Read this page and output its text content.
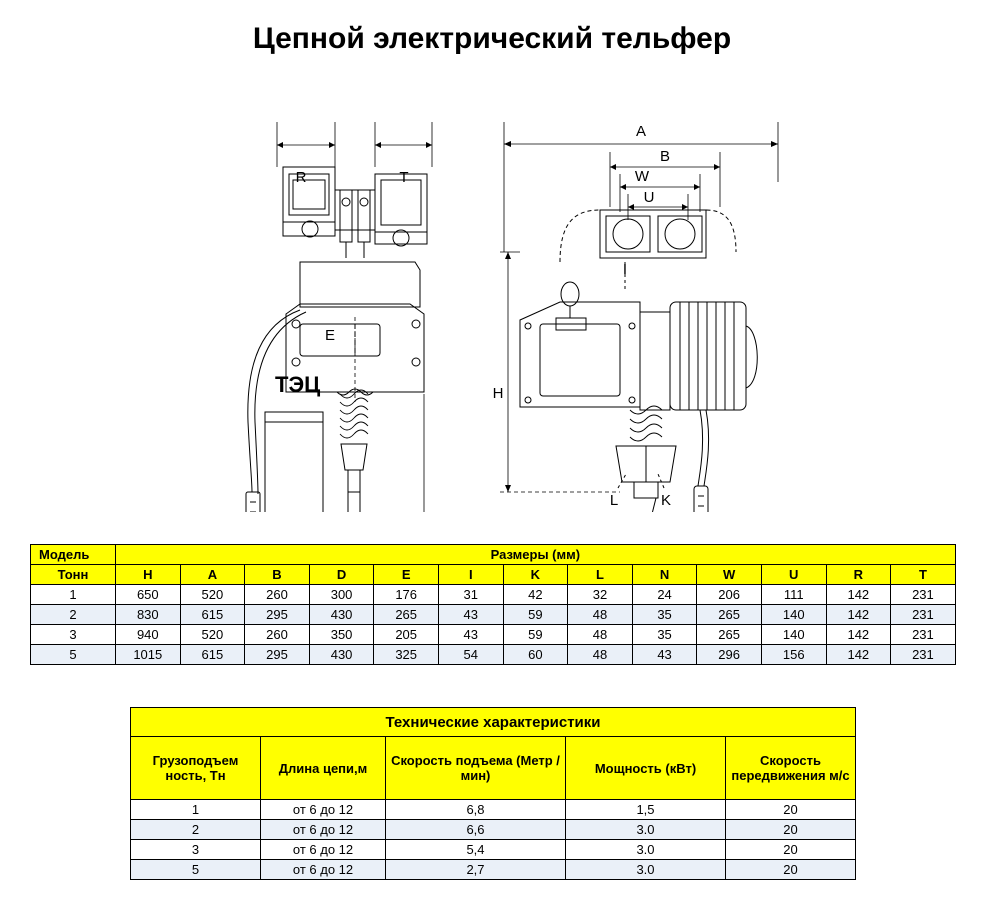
Цепной электрический тельфер
R	T
E
A
B
W
U
I
H
L	K
ТЭЦ
Модель	Размеры (мм)												
Тонн	H	A	B	D	E	I	K	L	N	W	U	R	T
1	650	520	260	300	176	31	42	32	24	206	111	142	231
2	830	615	295	430	265	43	59	48	35	265	140	142	231
3	940	520	260	350	205	43	59	48	35	265	140	142	231
5	1015	615	295	430	325	54	60	48	43	296	156	142	231
Технические характеристики				
Грузоподъем ность, Тн	Длина цепи,м	Скорость подъема (Метр / мин)	Мощность (кВт)	Скорость передвижения м/с
1	от 6 до 12	6,8	1,5	20
2	от 6 до 12	6,6	3.0	20
3	от 6 до 12	5,4	3.0	20
5	от 6 до 12	2,7	3.0	20
